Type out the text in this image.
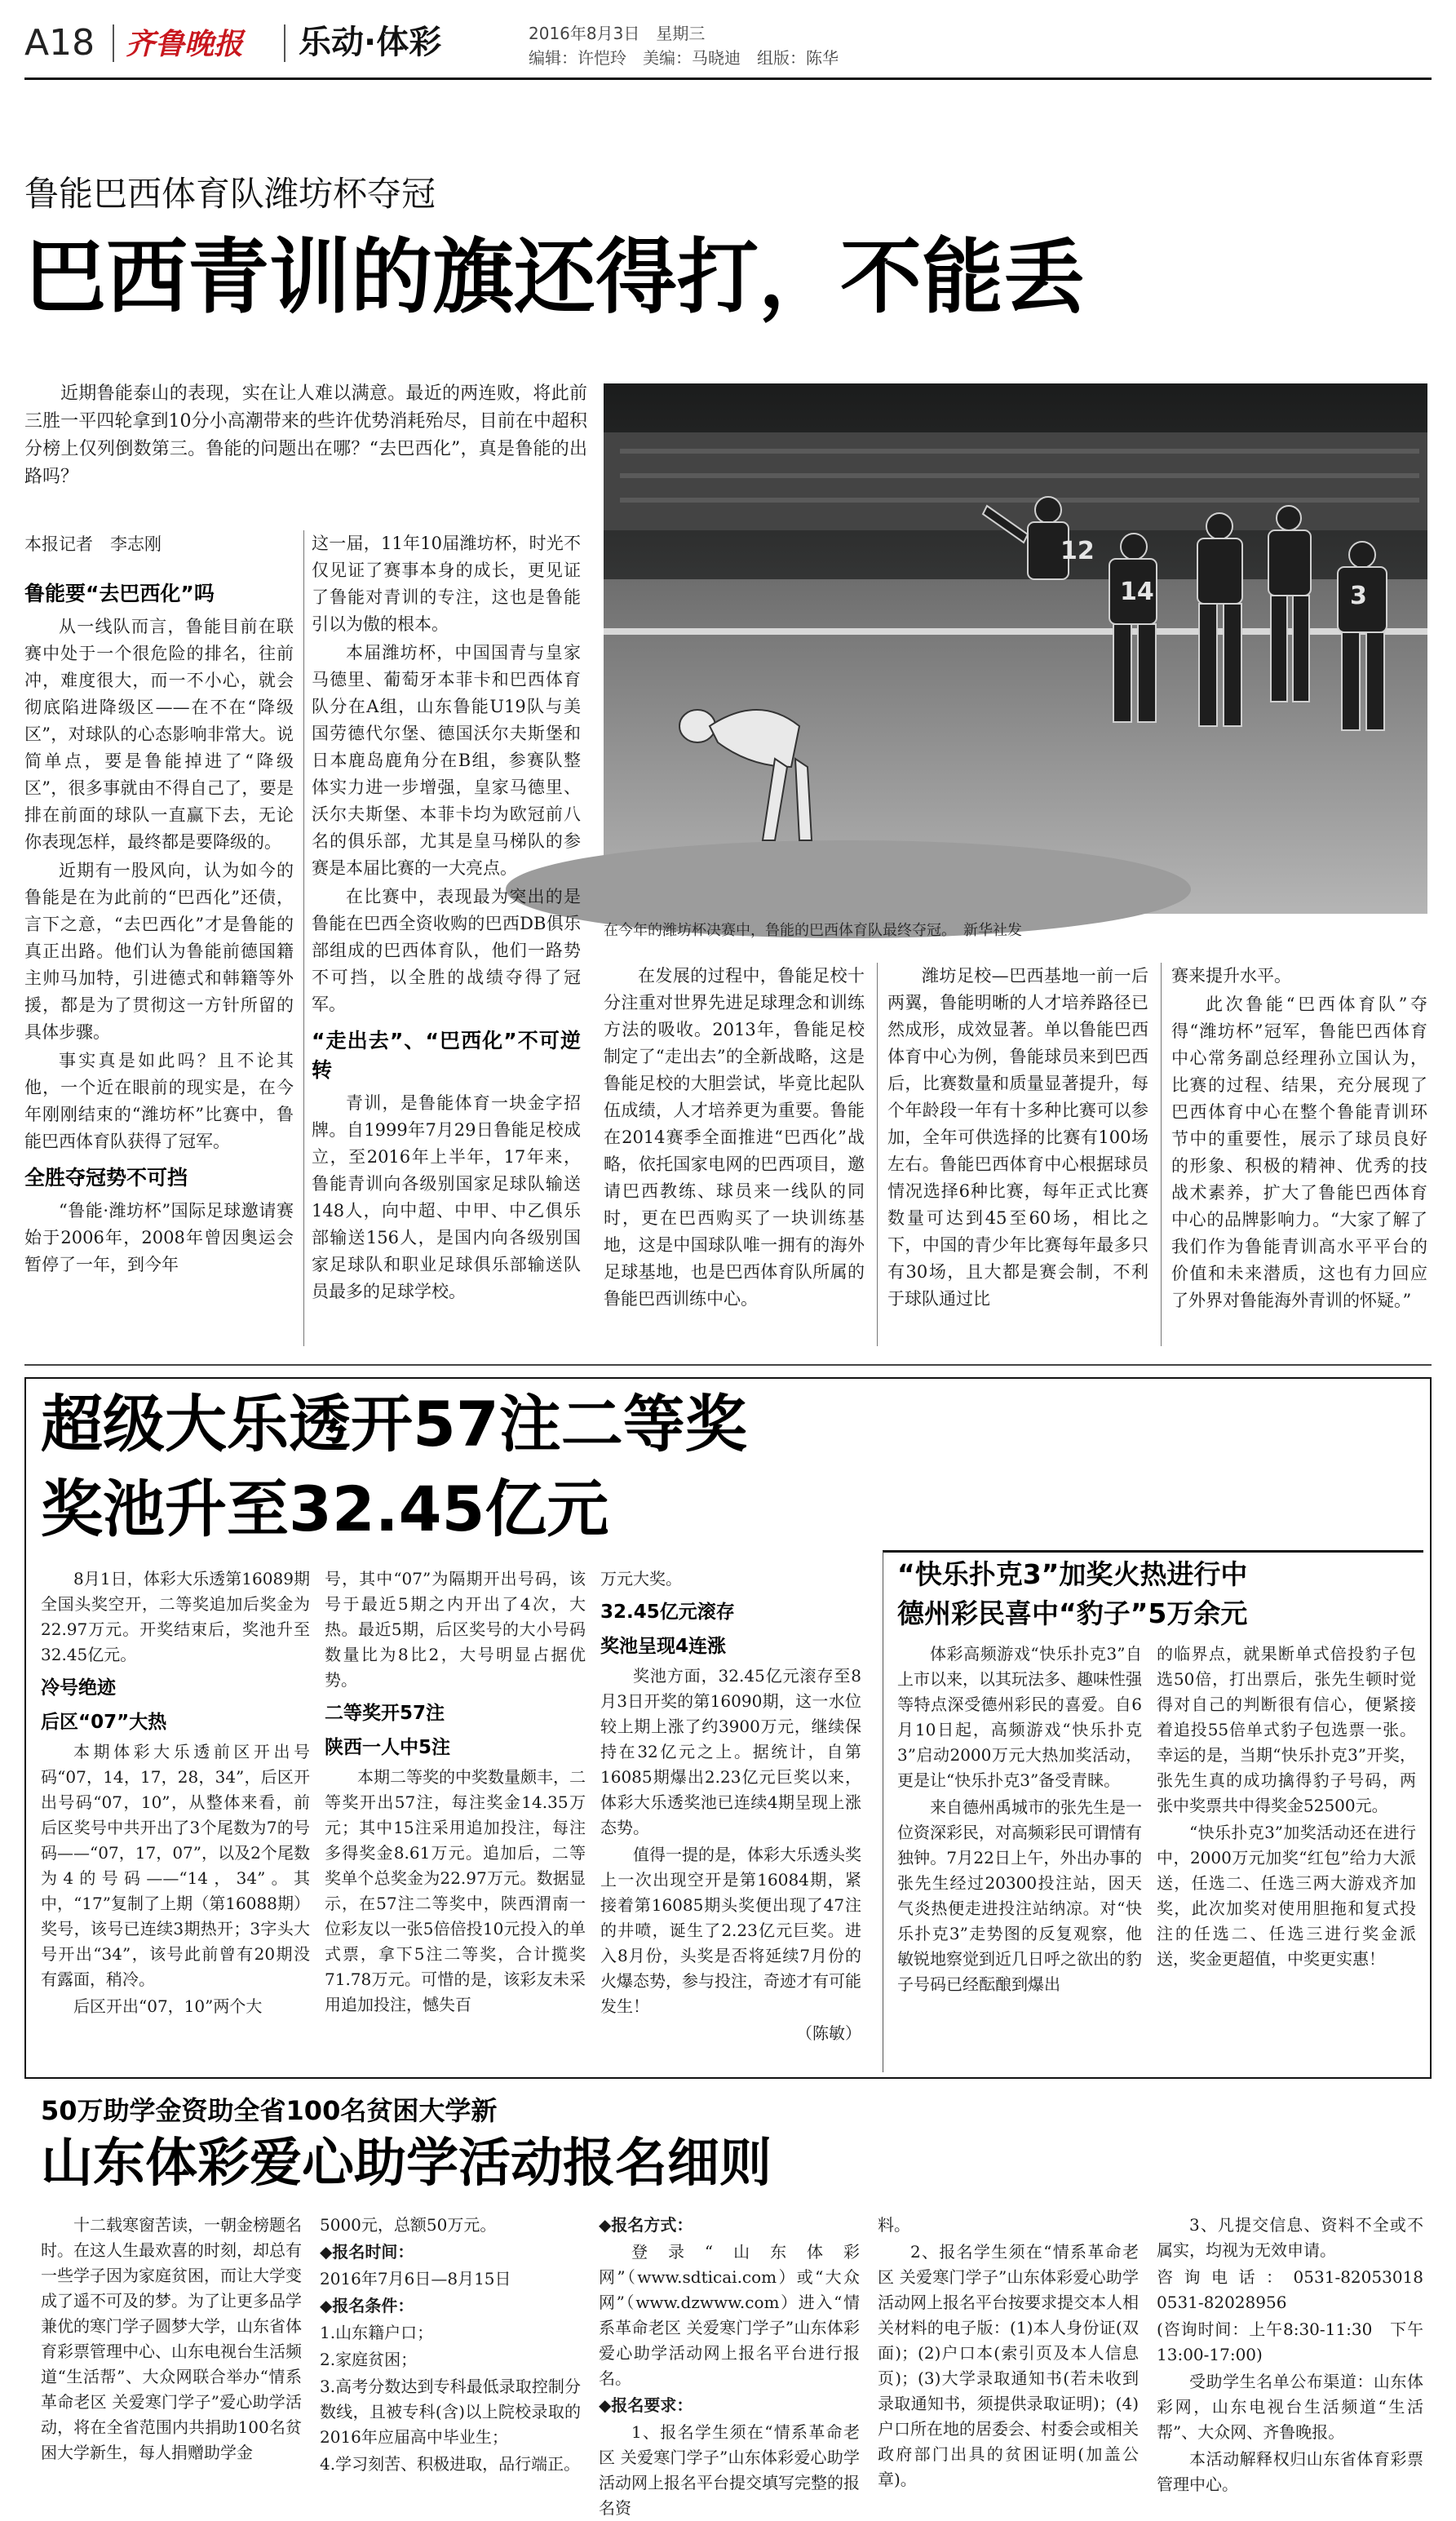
A18 齐鲁晚报 乐动·体彩	2016年8月3日　 星期三
编辑：许恺玲　美编：马晓迪　组版：陈华
鲁能巴西体育队潍坊杯夺冠
巴西青训的旗还得打，不能丢

近期鲁能泰山的表现，实在让人难以满意。最近的两连败，将此前三胜一平四轮拿到10分小高潮带来的些许优势消耗殆尽，目前在中超积分榜上仅列倒数第三。鲁能的问题出在哪？“去巴西化”，真是鲁能的出路吗？

本报记者　李志刚	12
14	3
在今年的潍坊杯决赛中，鲁能的巴西体育队最终夺冠。　新华社发
鲁能要“去巴西化”吗

从一线队而言，鲁能目前在联赛中处于一个很危险的排名，往前冲，难度很大，而一不小心，就会彻底陷进降级区——在不在“降级区”，对球队的心态影响非常大。说简单点，要是鲁能掉进了“降级区”，很多事就由不得自己了，要是排在前面的球队一直赢下去，无论你表现怎样，最终都是要降级的。

近期有一股风向，认为如今的鲁能是在为此前的“巴西化”还债，言下之意，“去巴西化”才是鲁能的真正出路。他们认为鲁能前德国籍主帅马加特，引进德式和韩籍等外援，都是为了贯彻这一方针所留的具体步骤。

事实真是如此吗？且不论其他，一个近在眼前的现实是，在今年刚刚结束的“潍坊杯”比赛中，鲁能巴西体育队获得了冠军。

全胜夺冠势不可挡

“鲁能·潍坊杯”国际足球邀请赛始于2006年，2008年曾因奥运会暂停了一年，到今年

这一届，11年10届潍坊杯，时光不仅见证了赛事本身的成长，更见证了鲁能对青训的专注，这也是鲁能引以为傲的根本。

本届潍坊杯，中国国青与皇家马德里、葡萄牙本菲卡和巴西体育队分在A组，山东鲁能U19队与美国劳德代尔堡、德国沃尔夫斯堡和日本鹿岛鹿角分在B组，参赛队整体实力进一步增强，皇家马德里、沃尔夫斯堡、本菲卡均为欧冠前八名的俱乐部，尤其是皇马梯队的参赛是本届比赛的一大亮点。

在比赛中，表现最为突出的是鲁能在巴西全资收购的巴西DB俱乐部组成的巴西体育队，他们一路势不可挡，以全胜的战绩夺得了冠军。

“走出去”、“巴西化”不可逆转

青训，是鲁能体育一块金字招牌。自1999年7月29日鲁能足校成立，至2016年上半年，17年来，鲁能青训向各级别国家足球队输送148人，向中超、中甲、中乙俱乐部输送156人，是国内向各级别国家足球队和职业足球俱乐部输送队员最多的足球学校。

在发展的过程中，鲁能足校十分注重对世界先进足球理念和训练方法的吸收。2013年，鲁能足校制定了“走出去”的全新战略，这是鲁能足校的大胆尝试，毕竟比起队伍成绩，人才培养更为重要。鲁能在2014赛季全面推进“巴西化”战略，依托国家电网的巴西项目，邀请巴西教练、球员来一线队的同时，更在巴西购买了一块训练基地，这是中国球队唯一拥有的海外足球基地，也是巴西体育队所属的鲁能巴西训练中心。

潍坊足校—巴西基地一前一后两翼，鲁能明晰的人才培养路径已然成形，成效显著。单以鲁能巴西体育中心为例，鲁能球员来到巴西后，比赛数量和质量显著提升，每个年龄段一年有十多种比赛可以参加，全年可供选择的比赛有100场左右。鲁能巴西体育中心根据球员情况选择6种比赛，每年正式比赛数量可达到45至60场，相比之下，中国的青少年比赛每年最多只有30场，且大都是赛会制，不利于球队通过比

赛来提升水平。

此次鲁能“巴西体育队”夺得“潍坊杯”冠军，鲁能巴西体育中心常务副总经理孙立国认为，比赛的过程、结果，充分展现了巴西体育中心在整个鲁能青训环节中的重要性，展示了球员良好的形象、积极的精神、优秀的技战术素养，扩大了鲁能巴西体育中心的品牌影响力。“大家了解了我们作为鲁能青训高水平平台的价值和未来潜质，这也有力回应了外界对鲁能海外青训的怀疑。”

超级大乐透开57注二等奖
奖池升至32.45亿元

8月1日，体彩大乐透第16089期全国头奖空开，二等奖追加后奖金为22.97万元。开奖结束后，奖池升至32.45亿元。

冷号绝迹
后区“07”大热

本期体彩大乐透前区开出号码“07，14，17，28，34”，后区开出号码“07，10”，从整体来看，前后区奖号中共开出了3个尾数为7的号码——“07，17，07”，以及2个尾数为4的号码——“14，34”。其中，“17”复制了上期（第16088期）奖号，该号已连续3期热开；3字头大号开出“34”，该号此前曾有20期没有露面，稍冷。

后区开出“07，10”两个大

号，其中“07”为隔期开出号码，该号于最近5期之内开出了4次，大热。最近5期，后区奖号的大小号码数量比为8比2，大号明显占据优势。

二等奖开57注
陕西一人中5注

本期二等奖的中奖数量颇丰，二等奖开出57注，每注奖金14.35万元；其中15注采用追加投注，每注多得奖金8.61万元。追加后，二等奖单个总奖金为22.97万元。数据显示，在57注二等奖中，陕西渭南一位彩友以一张5倍倍投10元投入的单式票，拿下5注二等奖，合计揽奖71.78万元。可惜的是，该彩友未采用追加投注，憾失百

万元大奖。

32.45亿元滚存
奖池呈现4连涨

奖池方面，32.45亿元滚存至8月3日开奖的第16090期，这一水位较上期上涨了约3900万元，继续保持在32亿元之上。据统计，自第16085期爆出2.23亿元巨奖以来，体彩大乐透奖池已连续4期呈现上涨态势。

值得一提的是，体彩大乐透头奖上一次出现空开是第16084期，紧接着第16085期头奖便出现了47注的井喷，诞生了2.23亿元巨奖。进入8月份，头奖是否将延续7月份的火爆态势，参与投注，奇迹才有可能发生！

（陈敏）

“快乐扑克3”加奖火热进行中
德州彩民喜中“豹子”5万余元

体彩高频游戏“快乐扑克3”自上市以来，以其玩法多、趣味性强等特点深受德州彩民的喜爱。自6月10日起，高频游戏“快乐扑克3”启动2000万元大热加奖活动，更是让“快乐扑克3”备受青睐。

来自德州禹城市的张先生是一位资深彩民，对高频彩民可谓情有独钟。7月22日上午，外出办事的张先生经过20300投注站，因天气炎热便走进投注站纳凉。对“快乐扑克3”走势图的反复观察，他敏锐地察觉到近几日呼之欲出的豹子号码已经酝酿到爆出

的临界点，就果断单式倍投豹子包选50倍，打出票后，张先生顿时觉得对自己的判断很有信心，便紧接着追投55倍单式豹子包选票一张。幸运的是，当期“快乐扑克3”开奖，张先生真的成功擒得豹子号码，两张中奖票共中得奖金52500元。

“快乐扑克3”加奖活动还在进行中，2000万元加奖“红包”给力大派送，任选二、任选三两大游戏齐加奖，此次加奖对使用胆拖和复式投注的任选二、任选三进行奖金派送，奖金更超值，中奖更实惠！

50万助学金资助全省100名贫困大学新
山东体彩爱心助学活动报名细则

十二载寒窗苦读，一朝金榜题名时。在这人生最欢喜的时刻，却总有一些学子因为家庭贫困，而让大学变成了遥不可及的梦。为了让更多品学兼优的寒门学子圆梦大学，山东省体育彩票管理中心、山东电视台生活频道“生活帮”、大众网联合举办“情系革命老区 关爱寒门学子”爱心助学活动，将在全省范围内共捐助100名贫困大学新生，每人捐赠助学金

5000元，总额50万元。

◆报名时间：

2016年7月6日—8月15日

◆报名条件：

1.山东籍户口；

2.家庭贫困；

3.高考分数达到专科最低录取控制分数线，且被专科(含)以上院校录取的2016年应届高中毕业生；

4.学习刻苦、积极进取，品行端正。

◆报名方式：

登录“山东体彩网”（www.sdticai.com）或“大众网”（www.dzwww.com）进入“情系革命老区 关爱寒门学子”山东体彩爱心助学活动网上报名平台进行报名。

◆报名要求：

1、报名学生须在“情系革命老区 关爱寒门学子”山东体彩爱心助学活动网上报名平台提交填写完整的报名资

料。

2、报名学生须在“情系革命老区 关爱寒门学子”山东体彩爱心助学活动网上报名平台按要求提交本人相关材料的电子版：(1)本人身份证(双面)；(2)户口本(索引页及本人信息页)；(3)大学录取通知书(若未收到录取通知书，须提供录取证明)；(4)户口所在地的居委会、村委会或相关政府部门出具的贫困证明(加盖公章)。

3、凡提交信息、资料不全或不属实，均视为无效申请。

咨询电话：0531-82053018　0531-82028956

(咨询时间：上午8:30-11:30　下午13:00-17:00)

受助学生名单公布渠道：山东体彩网，山东电视台生活频道“生活帮”、大众网、齐鲁晚报。

本活动解释权归山东省体育彩票管理中心。
